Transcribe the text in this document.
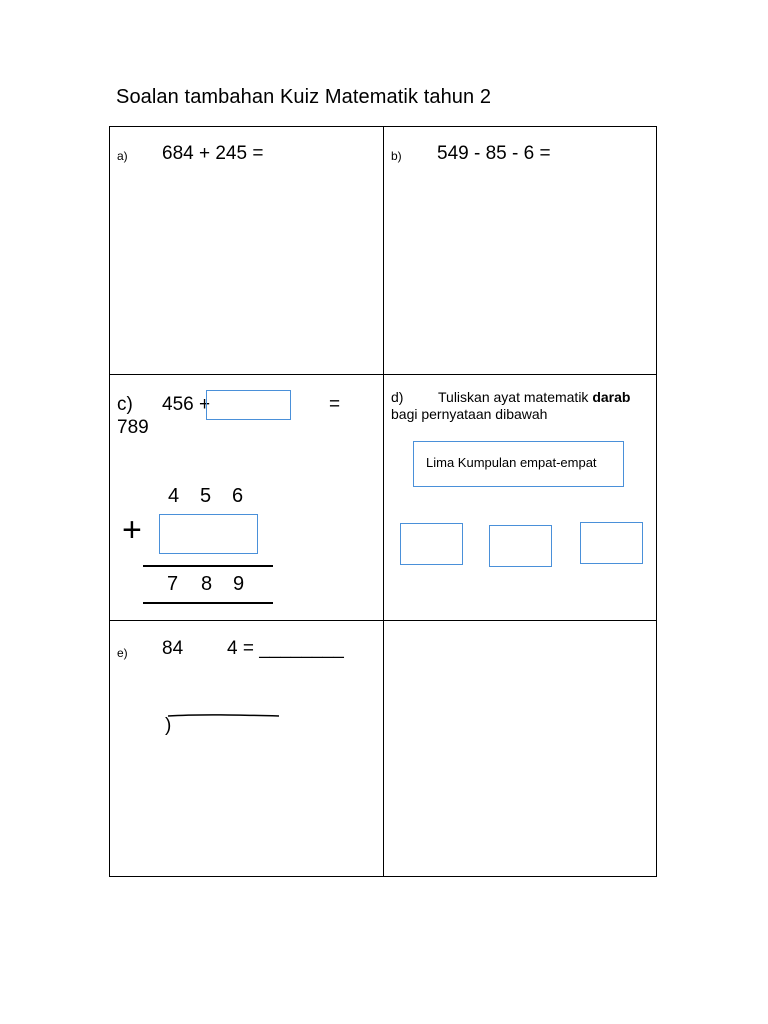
Soalan tambahan Kuiz Matematik tahun 2
a) 684 + 245 =	b) 549 - 85 - 6 =
c) 456 +	=
789
4 5 6
+
7 8 9
d) Tuliskan ayat matematik darab
bagi pernyataan dibawah
Lima Kumpulan empat-empat
e) 84 4 = ________
)
